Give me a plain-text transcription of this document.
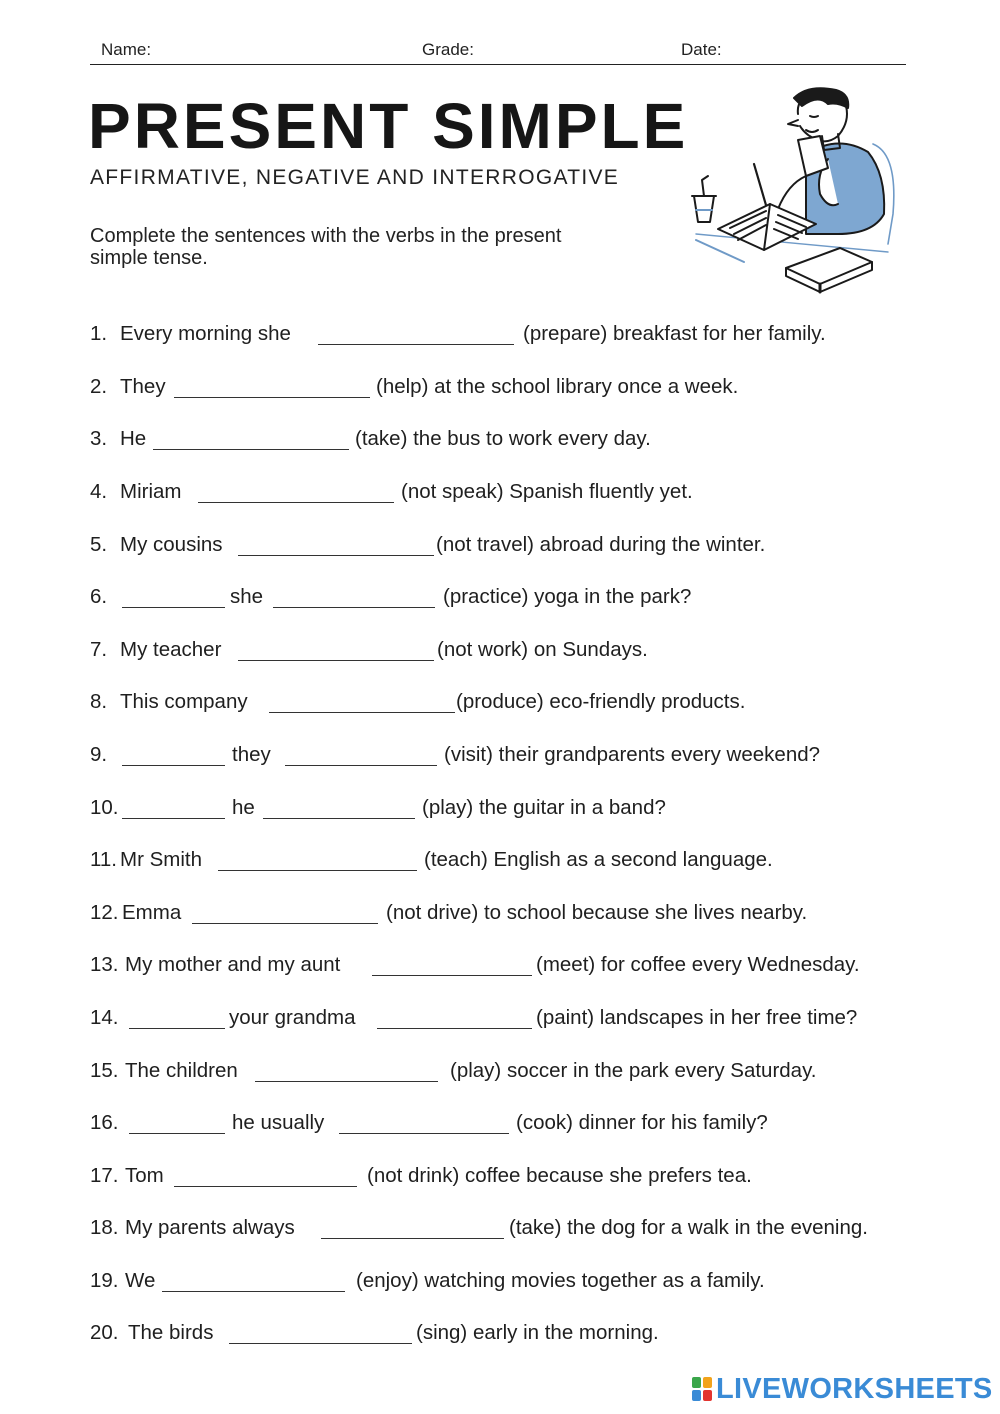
Name:	Grade:	Date:
PRESENT SIMPLE
AFFIRMATIVE, NEGATIVE AND INTERROGATIVE
Complete the sentences with the verbs in the present simple tense.
1. Every morning she	(prepare) breakfast for her family.
2. They	(help) at the school library once a week.
3. He	(take) the bus to work every day.
4. Miriam	(not speak) Spanish fluently yet.
5. My cousins	(not travel) abroad during the winter.
6.	she	(practice) yoga in the park?
7. My teacher	(not work) on Sundays.
8. This company	(produce) eco-friendly products.
9.	they	(visit) their grandparents every weekend?
10.	he	(play) the guitar in a band?
11. Mr Smith	(teach) English as a second language.
12. Emma	(not drive) to school because she lives nearby.
13. My mother and my aunt	(meet) for coffee every Wednesday.
14.	your grandma	(paint) landscapes in her free time?
15. The children	(play) soccer in the park every Saturday.
16.	he usually	(cook) dinner for his family?
17. Tom	(not drink) coffee because she prefers tea.
18. My parents always	(take) the dog for a walk in the evening.
19. We	(enjoy) watching movies together as a family.
20. The birds	(sing) early in the morning.
LIVEWORKSHEETS
